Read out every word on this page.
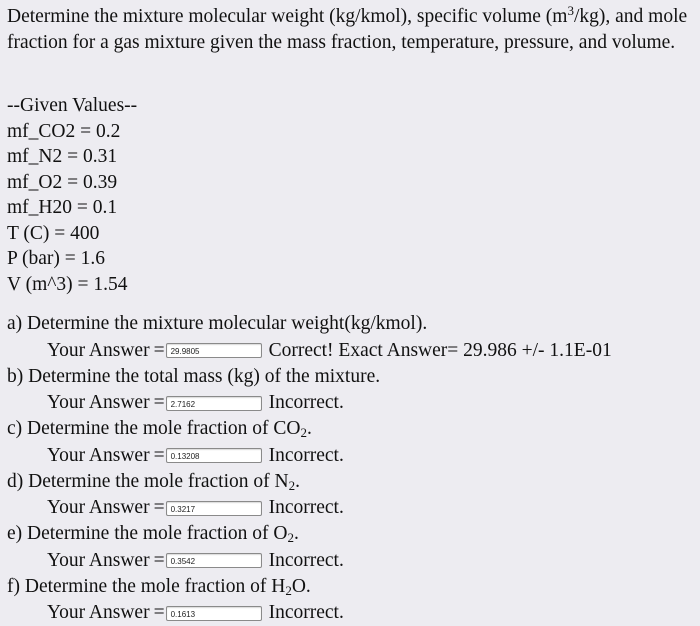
Determine the mixture molecular weight (kg/kmol), specific volume $(m^3/kg)$, and mole fraction for a gas mixture given the mass fraction, temperature, pressure, and volume.
--Given Values--
mf_CO2 = 0.2
mf_N2 = 0.31
mf_O2 = 0.39
mf_H20 = 0.1
T (C) = 400
P (bar) = 1.6
V (m^3) = 1.54
a) Determine the mixture molecular weight(kg/kmol).
Your Answer = 29.9805	Correct! Exact Answer= 29.986 +/- 1.1E-01
b) Determine the total mass (kg) of the mixture.
Your Answer = 2.7162	Incorrect.
c) Determine the mole fraction of $CO_2$.
Your Answer = 0.13208	Incorrect.
d) Determine the mole fraction of $N_2$.
Your Answer = 0.3217	Incorrect.
e) Determine the mole fraction of $O_2$.
Your Answer = 0.3542	Incorrect.
f) Determine the mole fraction of $H_2O$.
Your Answer = 0.1613	Incorrect.
